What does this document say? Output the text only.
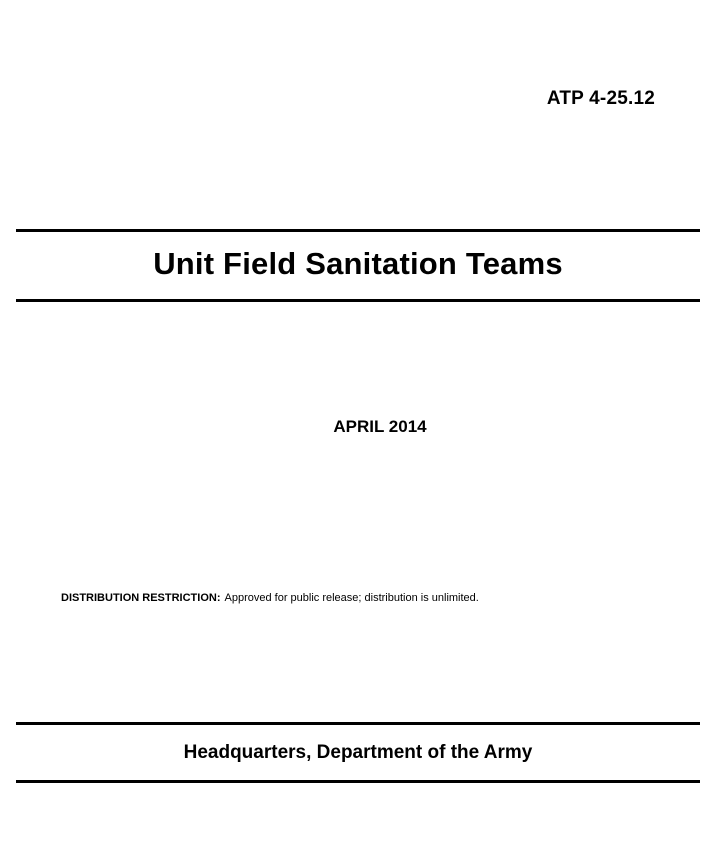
ATP 4-25.12
Unit Field Sanitation Teams
APRIL 2014
DISTRIBUTION RESTRICTION: Approved for public release; distribution is unlimited.
Headquarters, Department of the Army
